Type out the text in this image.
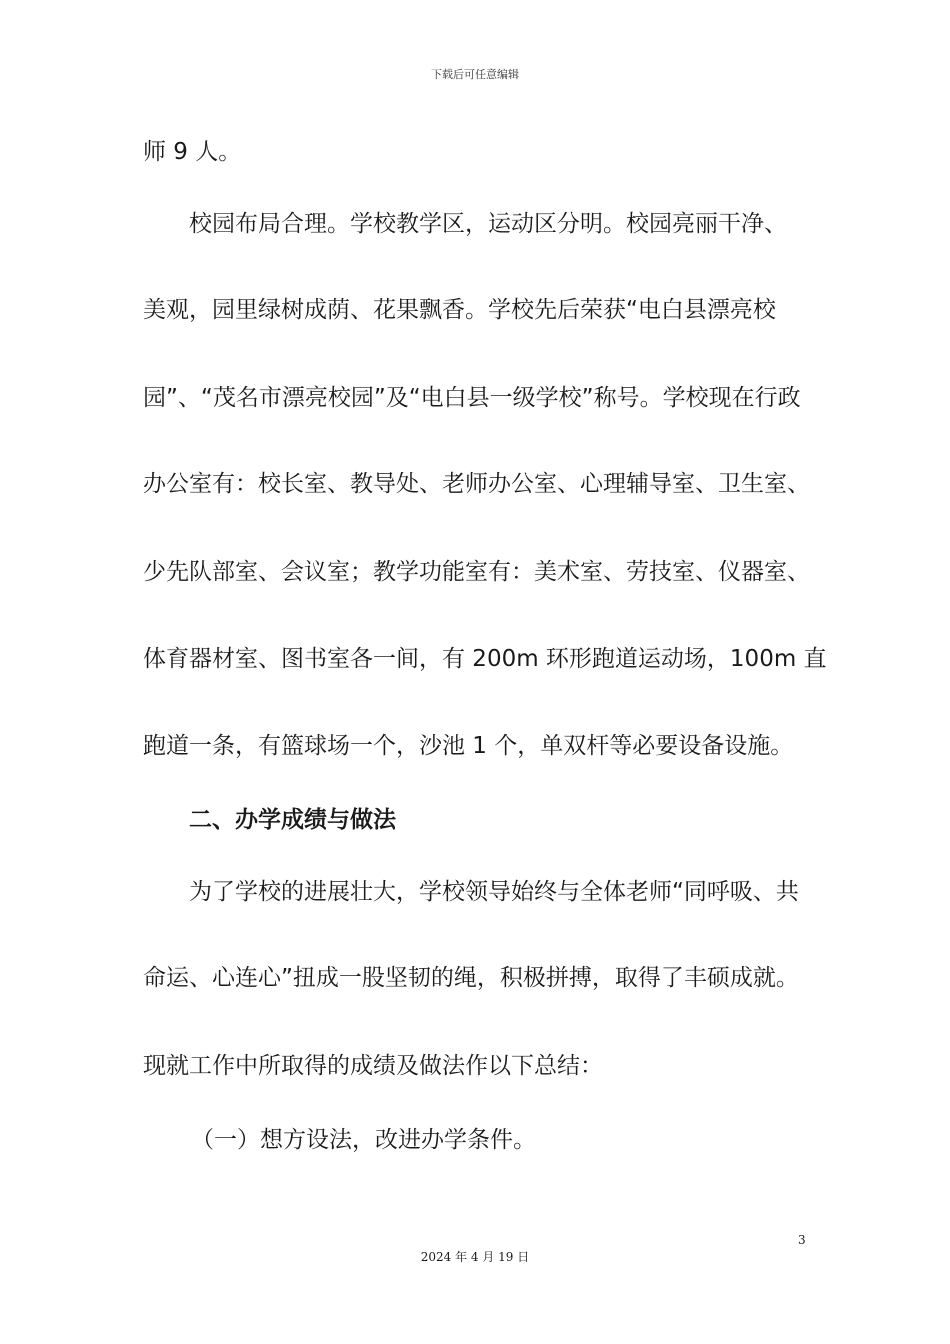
下载后可任意编辑
师 9 人。
校园布局合理。学校教学区，运动区分明。校园亮丽干净、
美观，园里绿树成荫、花果飘香。学校先后荣获“电白县漂亮校
园”、“茂名市漂亮校园”及“电白县一级学校”称号。学校现在行政
办公室有：校长室、教导处、老师办公室、心理辅导室、卫生室、
少先队部室、会议室；教学功能室有：美术室、劳技室、仪器室、
体育器材室、图书室各一间，有 200m 环形跑道运动场，100m 直
跑道一条，有篮球场一个，沙池 1 个，单双杆等必要设备设施。
二、办学成绩与做法
为了学校的进展壮大，学校领导始终与全体老师“同呼吸、共
命运、心连心”扭成一股坚韧的绳，积极拼搏，取得了丰硕成就。
现就工作中所取得的成绩及做法作以下总结：
（一）想方设法，改进办学条件。
3
2024 年 4 月 19 日
